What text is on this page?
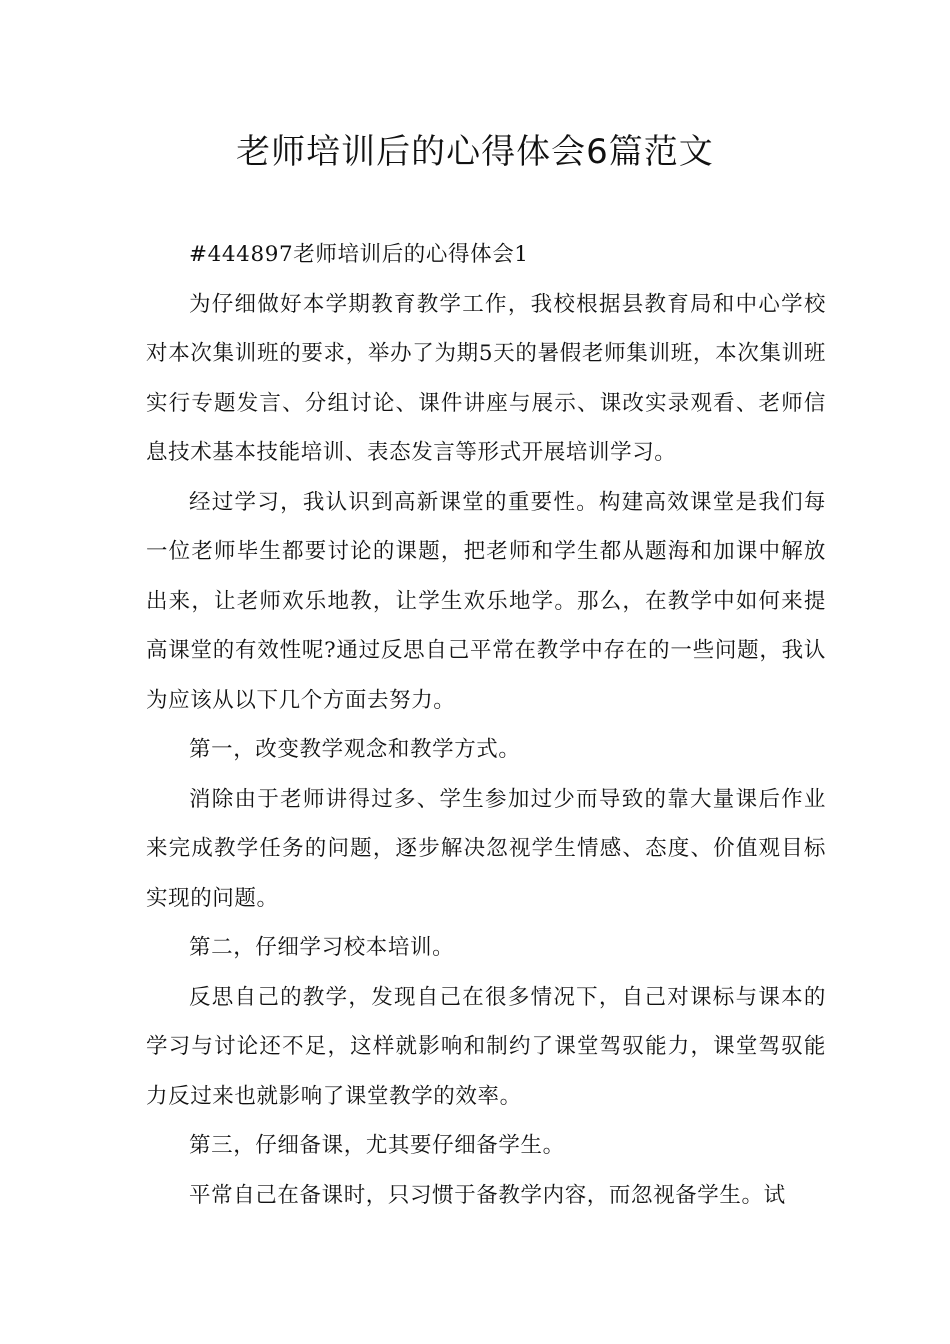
老师培训后的心得体会6篇范文

#444897老师培训后的心得体会1

为仔细做好本学期教育教学工作，我校根据县教育局和中心学校对本次集训班的要求，举办了为期5天的暑假老师集训班，本次集训班实行专题发言、分组讨论、课件讲座与展示、课改实录观看、老师信息技术基本技能培训、表态发言等形式开展培训学习。

经过学习，我认识到高新课堂的重要性。构建高效课堂是我们每一位老师毕生都要讨论的课题，把老师和学生都从题海和加课中解放出来，让老师欢乐地教，让学生欢乐地学。那么，在教学中如何来提高课堂的有效性呢?通过反思自己平常在教学中存在的一些问题，我认为应该从以下几个方面去努力。

第一，改变教学观念和教学方式。

消除由于老师讲得过多、学生参加过少而导致的靠大量课后作业来完成教学任务的问题，逐步解决忽视学生情感、态度、价值观目标实现的问题。

第二，仔细学习校本培训。

反思自己的教学，发现自己在很多情况下，自己对课标与课本的学习与讨论还不足，这样就影响和制约了课堂驾驭能力，课堂驾驭能力反过来也就影响了课堂教学的效率。

第三，仔细备课，尤其要仔细备学生。

平常自己在备课时，只习惯于备教学内容，而忽视备学生。试
